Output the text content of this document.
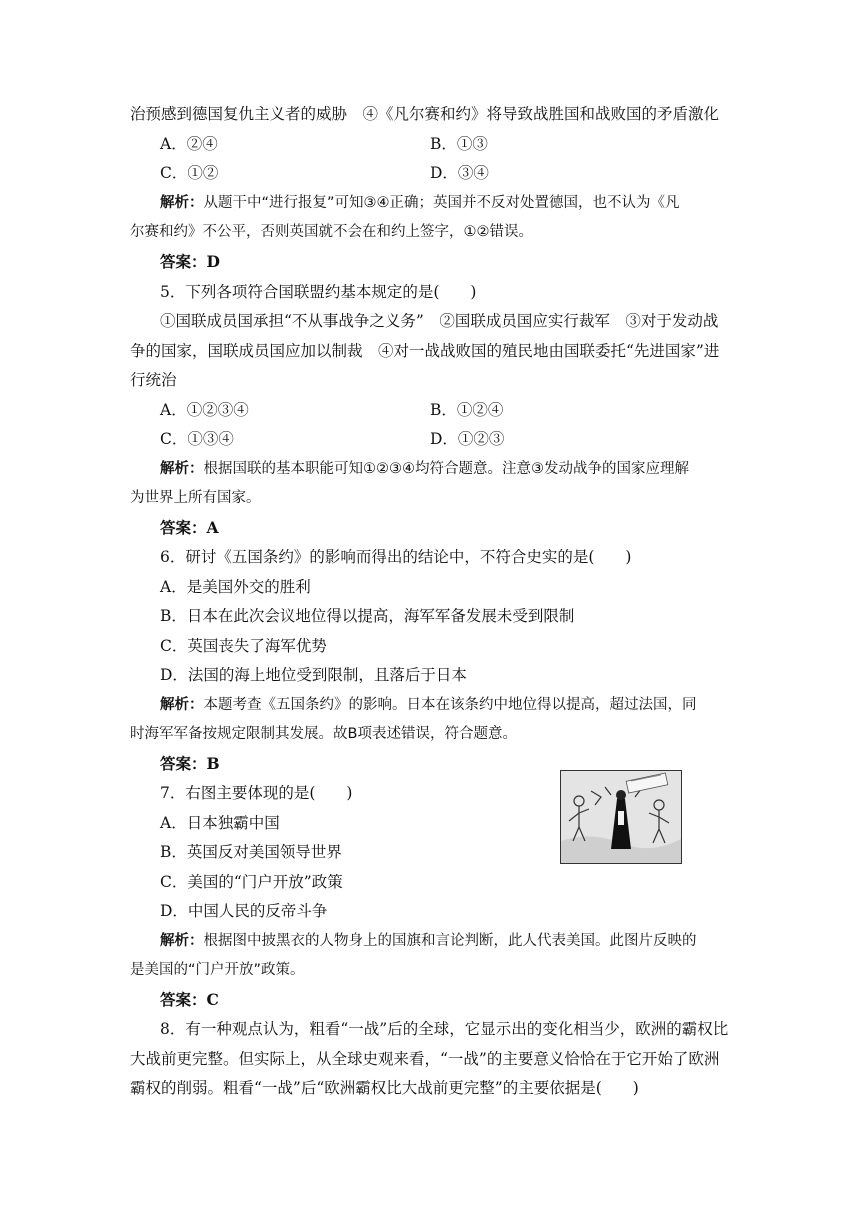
治预感到德国复仇主义者的威胁　④《凡尔赛和约》将导致战胜国和战败国的矛盾激化
A．②④	B．①③
C．①②	D．③④
解析：从题干中“进行报复”可知③④正确；英国并不反对处置德国，也不认为《凡
尔赛和约》不公平，否则英国就不会在和约上签字，①②错误。
答案：D
5．下列各项符合国联盟约基本规定的是(　　)
①国联成员国承担“不从事战争之义务”　②国联成员国应实行裁军　③对于发动战
争的国家，国联成员国应加以制裁　④对一战战败国的殖民地由国联委托“先进国家”进
行统治
A．①②③④	B．①②④
C．①③④	D．①②③
解析：根据国联的基本职能可知①②③④均符合题意。注意③发动战争的国家应理解
为世界上所有国家。
答案：A
6．研讨《五国条约》的影响而得出的结论中，不符合史实的是(　　)
A．是美国外交的胜利
B．日本在此次会议地位得以提高，海军军备发展未受到限制
C．英国丧失了海军优势
D．法国的海上地位受到限制，且落后于日本
解析：本题考查《五国条约》的影响。日本在该条约中地位得以提高，超过法国，同
时海军军备按规定限制其发展。故B项表述错误，符合题意。
答案：B
7．右图主要体现的是(　　)
A．日本独霸中国
B．英国反对美国领导世界
C．美国的“门户开放”政策
D．中国人民的反帝斗争
解析：根据图中披黑衣的人物身上的国旗和言论判断，此人代表美国。此图片反映的
是美国的“门户开放”政策。
答案：C
8．有一种观点认为，粗看“一战”后的全球，它显示出的变化相当少，欧洲的霸权比
大战前更完整。但实际上，从全球史观来看，“一战”的主要意义恰恰在于它开始了欧洲
霸权的削弱。粗看“一战”后“欧洲霸权比大战前更完整”的主要依据是(　　)
